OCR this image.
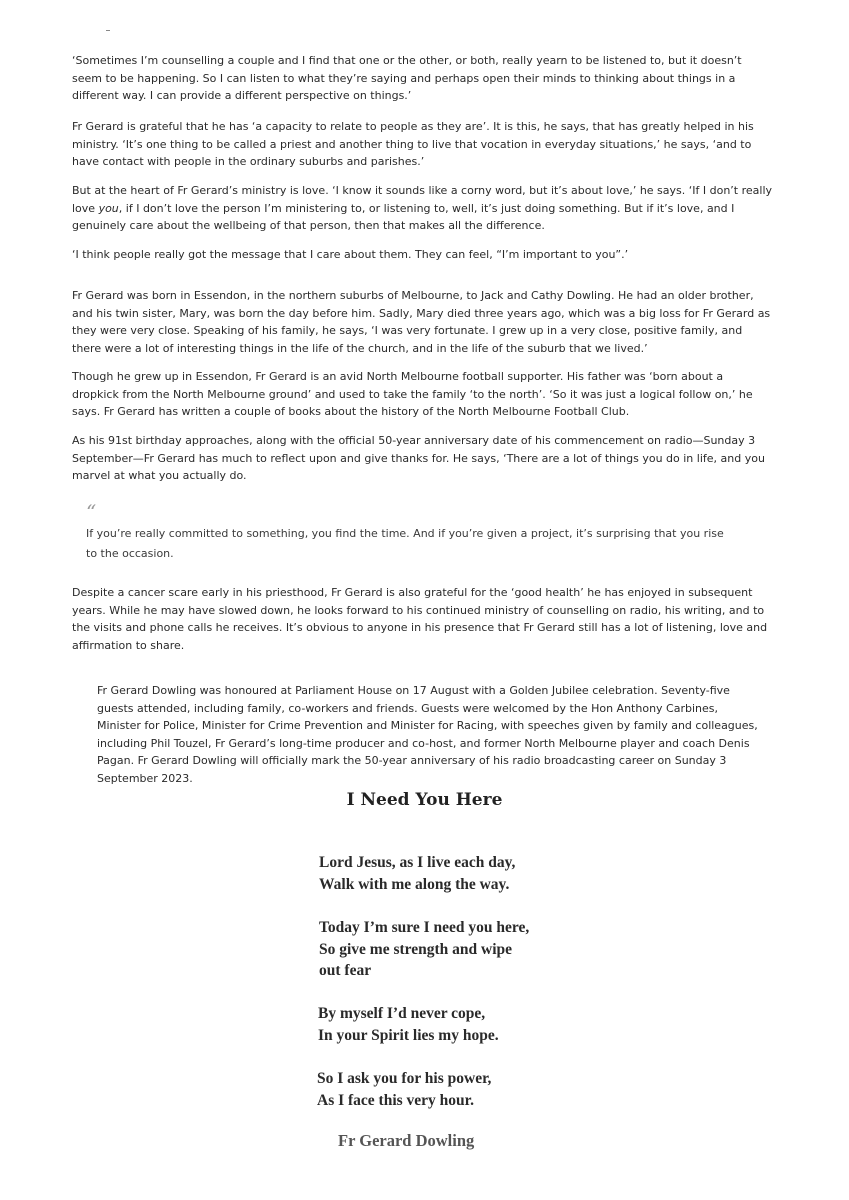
‘Sometimes I’m counselling a couple and I find that one or the other, or both, really yearn to be listened to, but it doesn’t seem to be happening. So I can listen to what they’re saying and perhaps open their minds to thinking about things in a different way. I can provide a different perspective on things.’

Fr Gerard is grateful that he has ‘a capacity to relate to people as they are’. It is this, he says, that has greatly helped in his ministry. ‘It’s one thing to be called a priest and another thing to live that vocation in everyday situations,’ he says, ‘and to have contact with people in the ordinary suburbs and parishes.’

But at the heart of Fr Gerard’s ministry is love. ‘I know it sounds like a corny word, but it’s about love,’ he says. ‘If I don’t really love you, if I don’t love the person I’m ministering to, or listening to, well, it’s just doing something. But if it’s love, and I genuinely care about the wellbeing of that person, then that makes all the difference.

‘I think people really got the message that I care about them. They can feel, “I’m important to you”.’

Fr Gerard was born in Essendon, in the northern suburbs of Melbourne, to Jack and Cathy Dowling. He had an older brother, and his twin sister, Mary, was born the day before him. Sadly, Mary died three years ago, which was a big loss for Fr Gerard as they were very close. Speaking of his family, he says, ‘I was very fortunate. I grew up in a very close, positive family, and there were a lot of interesting things in the life of the church, and in the life of the suburb that we lived.’

Though he grew up in Essendon, Fr Gerard is an avid North Melbourne football supporter. His father was ‘born about a dropkick from the North Melbourne ground’ and used to take the family ‘to the north’. ‘So it was just a logical follow on,’ he says. Fr Gerard has written a couple of books about the history of the North Melbourne Football Club.

As his 91st birthday approaches, along with the official 50-year anniversary date of his commencement on radio—Sunday 3 September—Fr Gerard has much to reflect upon and give thanks for. He says, ‘There are a lot of things you do in life, and you marvel at what you actually do.

“

If you’re really committed to something, you find the time. And if you’re given a project, it’s surprising that you rise to the occasion.

Despite a cancer scare early in his priesthood, Fr Gerard is also grateful for the ‘good health’ he has enjoyed in subsequent years. While he may have slowed down, he looks forward to his continued ministry of counselling on radio, his writing, and to the visits and phone calls he receives. It’s obvious to anyone in his presence that Fr Gerard still has a lot of listening, love and affirmation to share.

Fr Gerard Dowling was honoured at Parliament House on 17 August with a Golden Jubilee celebration. Seventy-five guests attended, including family, co-workers and friends. Guests were welcomed by the Hon Anthony Carbines, Minister for Police, Minister for Crime Prevention and Minister for Racing, with speeches given by family and colleagues, including Phil Touzel, Fr Gerard’s long-time producer and co-host, and former North Melbourne player and coach Denis Pagan. Fr Gerard Dowling will officially mark the 50-year anniversary of his radio broadcasting career on Sunday 3 September 2023.

I Need You Here

Lord Jesus, as I live each day,
Walk with me along the way.

Today I’m sure I need you here,
So give me strength and wipe
out fear

By myself I’d never cope,
In your Spirit lies my hope.

So I ask you for his power,
As I face this very hour.

Fr Gerard Dowling
